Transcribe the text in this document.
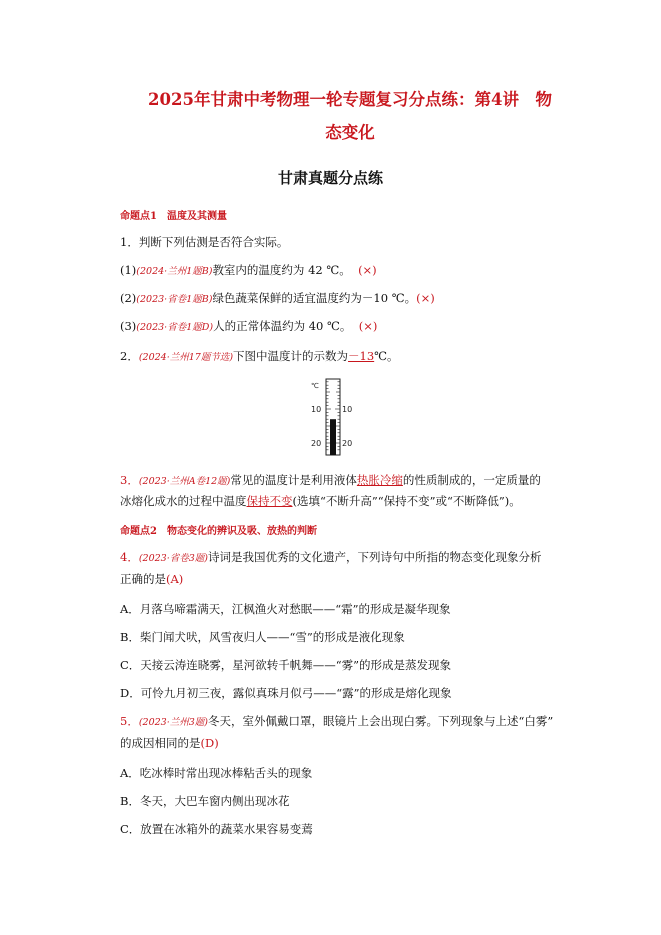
2025年甘肃中考物理一轮专题复习分点练：第4讲　物
态变化
甘肃真题分点练
命题点1 温度及其测量
1．判断下列估测是否符合实际。
(1)(2024·兰州1题B)教室内的温度约为 42 ℃。 (×)
(2)(2023·省卷1题B)绿色蔬菜保鲜的适宜温度约为－10 ℃。(×)
(3)(2023·省卷1题D)人的正常体温约为 40 ℃。 (×)
2．(2024·兰州17题节选)下图中温度计的示数为－13℃。
℃
10
20
10
20
3．(2023·兰州A卷12题)常见的温度计是利用液体热胀冷缩的性质制成的，一定质量的
冰熔化成水的过程中温度保持不变(选填“不断升高”“保持不变”或“不断降低”)。
命题点2 物态变化的辨识及吸、放热的判断
4．(2023·省卷3题)诗词是我国优秀的文化遗产，下列诗句中所指的物态变化现象分析
正确的是(A)
A．月落乌啼霜满天，江枫渔火对愁眠——“霜”的形成是凝华现象
B．柴门闻犬吠，风雪夜归人——“雪”的形成是液化现象
C．天接云涛连晓雾，星河欲转千帆舞——“雾”的形成是蒸发现象
D．可怜九月初三夜，露似真珠月似弓——“露”的形成是熔化现象
5．(2023·兰州3题)冬天，室外佩戴口罩，眼镜片上会出现白雾。下列现象与上述“白雾”
的成因相同的是(D)
A．吃冰棒时常出现冰棒粘舌头的现象
B．冬天，大巴车窗内侧出现冰花
C．放置在冰箱外的蔬菜水果容易变蔫
